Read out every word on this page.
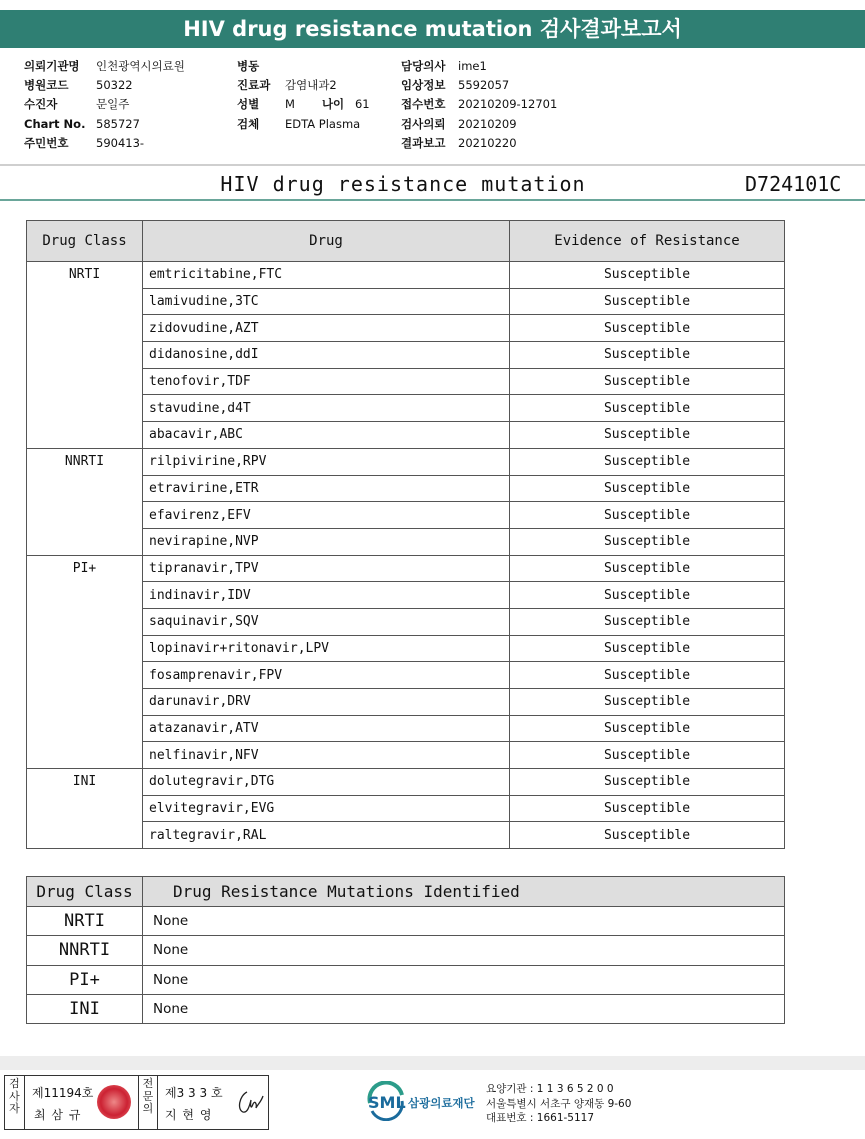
HIV drug resistance mutation 검사결과보고서
의뢰기관명	인천광역시의료원
병원코드	50322
수진자	문일주
Chart No. 585727
주민번호	590413-
병동
진료과	감염내과2
성별	M 나이 61
검체	EDTA Plasma
담당의사	ime1
임상정보	5592057
접수번호	20210209-12701
검사의뢰	20210209
결과보고	20210220
HIV drug resistance mutation	D724101C
Drug Class	Drug	Evidence of Resistance
NRTI	emtricitabine,FTC	Susceptible
	lamivudine,3TC	Susceptible
	zidovudine,AZT	Susceptible
	didanosine,ddI	Susceptible
	tenofovir,TDF	Susceptible
	stavudine,d4T	Susceptible
	abacavir,ABC	Susceptible
NNRTI	rilpivirine,RPV	Susceptible
	etravirine,ETR	Susceptible
	efavirenz,EFV	Susceptible
	nevirapine,NVP	Susceptible
PI+	tipranavir,TPV	Susceptible
	indinavir,IDV	Susceptible
	saquinavir,SQV	Susceptible
	lopinavir+ritonavir,LPV	Susceptible
	fosamprenavir,FPV	Susceptible
	darunavir,DRV	Susceptible
	atazanavir,ATV	Susceptible
	nelfinavir,NFV	Susceptible
INI	dolutegravir,DTG	Susceptible
	elvitegravir,EVG	Susceptible
	raltegravir,RAL	Susceptible
Drug Class	Drug Resistance Mutations Identified
NRTI	None
NNRTI	None
PI+	None
INI	None
검사자
제11194호
최 삼 규
전문의
제3 3 3 호
지 현 영
SML 삼광의료재단
요양기관 : 1 1 3 6 5 2 0 0
서울특별시 서초구 양재동 9-60
대표번호 : 1661-5117
